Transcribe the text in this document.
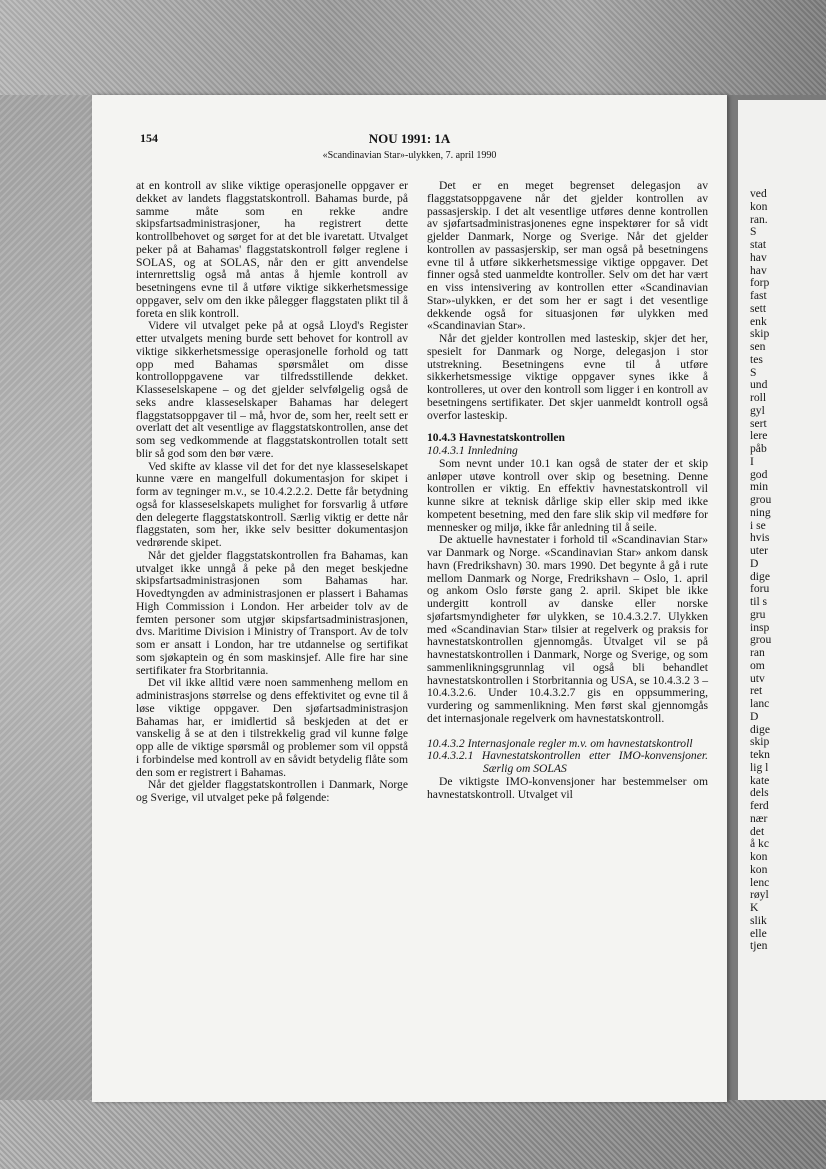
ved
kon
ran.
S
stat
hav
hav
forp
fast
sett
enk
skip
sen
tes
S
und
roll
gyl
sert
lere
påb
I
god
min
grou
ning
i se
hvis
uter
D
dige
foru
til s
gru
insp
grou
ran
om
utv
ret
lanc
D
dige
skip
tekn
lig l
kate
dels
ferd
nær
det
å kc
kon
kon
lenc
røyl
K
slik
elle
tjen
154	NOU 1991: 1A
«Scandinavian Star»-ulykken, 7. april 1990

at en kontroll av slike viktige operasjonelle oppgaver er dekket av landets flaggstatskontroll. Bahamas burde, på samme måte som en rekke andre skipsfartsadministrasjoner, ha registrert dette kontrollbehovet og sørget for at det ble ivaretatt. Utvalget peker på at Bahamas' flaggstatskontroll følger reglene i SOLAS, og at SOLAS, når den er gitt anvendelse internrettslig også må antas å hjemle kontroll av besetningens evne til å utføre viktige sikkerhetsmessige oppgaver, selv om den ikke pålegger flaggstaten plikt til å foreta en slik kontroll.

Videre vil utvalget peke på at også Lloyd's Register etter utvalgets mening burde sett behovet for kontroll av viktige sikkerhetsmessige operasjonelle forhold og tatt opp med Bahamas spørsmålet om disse kontrolloppgavene var tilfredsstillende dekket. Klasseselskapene – og det gjelder selvfølgelig også de seks andre klasseselskaper Bahamas har delegert flaggstatsoppgaver til – må, hvor de, som her, reelt sett er overlatt det alt vesentlige av flaggstatskontrollen, anse det som seg vedkommende at flaggstatskontrollen totalt sett blir så god som den bør være.

Ved skifte av klasse vil det for det nye klasseselskapet kunne være en mangelfull dokumentasjon for skipet i form av tegninger m.v., se 10.4.2.2.2. Dette får betydning også for klasseselskapets mulighet for forsvarlig å utføre den delegerte flaggstatskontroll. Særlig viktig er dette når flaggstaten, som her, ikke selv besitter dokumentasjon vedrørende skipet.

Når det gjelder flaggstatskontrollen fra Bahamas, kan utvalget ikke unngå å peke på den meget beskjedne skipsfartsadministrasjonen som Bahamas har. Hovedtyngden av administrasjonen er plassert i Bahamas High Commission i London. Her arbeider tolv av de femten personer som utgjør skipsfartsadministrasjonen, dvs. Maritime Division i Ministry of Transport. Av de tolv som er ansatt i London, har tre utdannelse og sertifikat som sjøkaptein og én som maskinsjef. Alle fire har sine sertifikater fra Storbritannia.

Det vil ikke alltid være noen sammenheng mellom en administrasjons størrelse og dens effektivitet og evne til å løse viktige oppgaver. Den sjøfartsadministrasjon Bahamas har, er imidlertid så beskjeden at det er vanskelig å se at den i tilstrekkelig grad vil kunne følge opp alle de viktige spørsmål og problemer som vil oppstå i forbindelse med kontroll av en såvidt betydelig flåte som den som er registrert i Bahamas.

Når det gjelder flaggstatskontrollen i Danmark, Norge og Sverige, vil utvalget peke på følgende:

Det er en meget begrenset delegasjon av flaggstatsoppgavene når det gjelder kontrollen av passasjerskip. I det alt vesentlige utføres denne kontrollen av sjøfartsadministrasjonenes egne inspektører for så vidt gjelder Danmark, Norge og Sverige. Når det gjelder kontrollen av passasjerskip, ser man også på besetningens evne til å utføre sikkerhetsmessige viktige oppgaver. Det finner også sted uanmeldte kontroller. Selv om det har vært en viss intensivering av kontrollen etter «Scandinavian Star»-ulykken, er det som her er sagt i det vesentlige dekkende også for situasjonen før ulykken med «Scandinavian Star».

Når det gjelder kontrollen med lasteskip, skjer det her, spesielt for Danmark og Norge, delegasjon i stor utstrekning. Besetningens evne til å utføre sikkerhetsmessige viktige oppgaver synes ikke å kontrolleres, ut over den kontroll som ligger i en kontroll av besetningens sertifikater. Det skjer uanmeldt kontroll også overfor lasteskip.

10.4.3 Havnestatskontrollen
10.4.3.1 Innledning

Som nevnt under 10.1 kan også de stater der et skip anløper utøve kontroll over skip og besetning. Denne kontrollen er viktig. En effektiv havnestatskontroll vil kunne sikre at teknisk dårlige skip eller skip med ikke kompetent besetning, med den fare slik skip vil medføre for mennesker og miljø, ikke får anledning til å seile.

De aktuelle havnestater i forhold til «Scandinavian Star» var Danmark og Norge. «Scandinavian Star» ankom dansk havn (Fredrikshavn) 30. mars 1990. Det begynte å gå i rute mellom Danmark og Norge, Fredrikshavn – Oslo, 1. april og ankom Oslo første gang 2. april. Skipet ble ikke undergitt kontroll av danske eller norske sjøfartsmyndigheter før ulykken, se 10.4.3.2.7. Ulykken med «Scandinavian Star» tilsier at regelverk og praksis for havnestatskontrollen gjennomgås. Utvalget vil se på havnestatskontrollen i Danmark, Norge og Sverige, og som sammenlikningsgrunnlag vil også bli behandlet havnestatskontrollen i Storbritannia og USA, se 10.4.3.2 3 – 10.4.3.2.6. Under 10.4.3.2.7 gis en oppsummering, vurdering og sammenlikning. Men først skal gjennomgås det internasjonale regelverk om havnestatskontroll.

10.4.3.2 Internasjonale regler m.v. om havnestatskontroll
10.4.3.2.1 Havnestatskontrollen etter IMO-konvensjoner. Særlig om SOLAS

De viktigste IMO-konvensjoner har bestemmelser om havnestatskontroll. Utvalget vil
